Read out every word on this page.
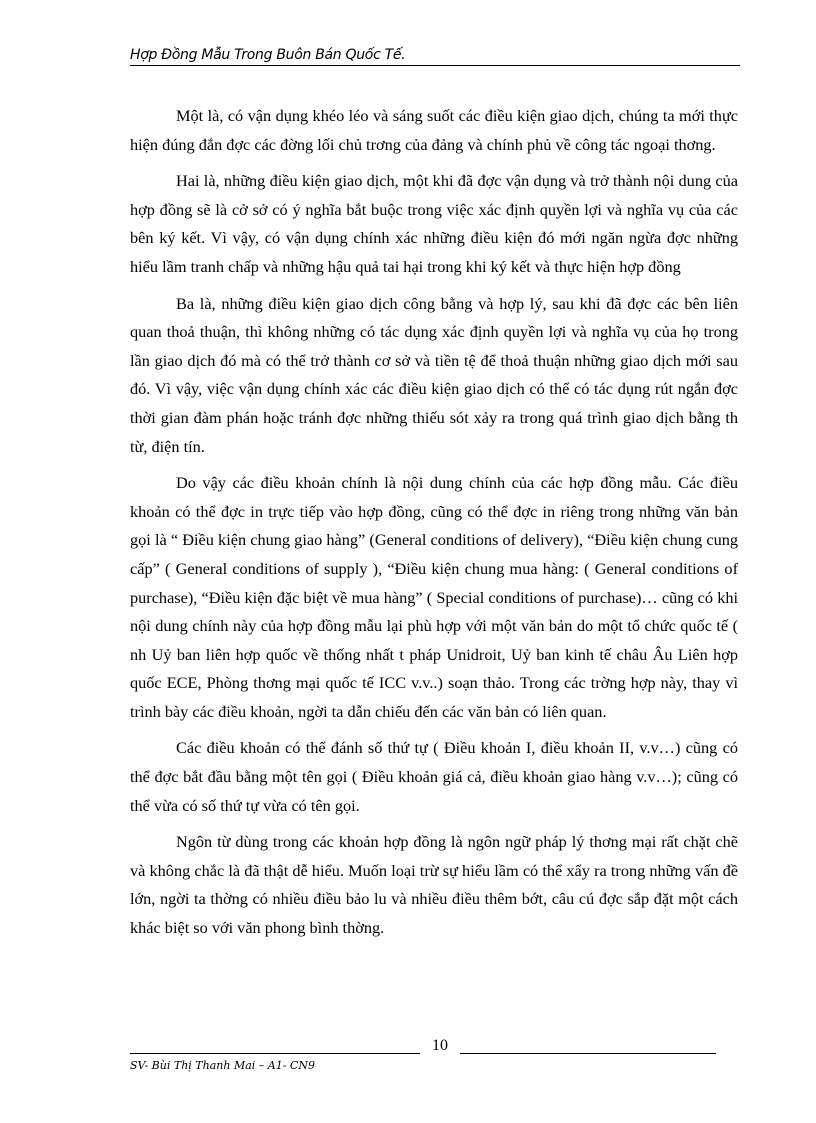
Hợp Đồng Mẫu Trong Buôn Bán Quốc Tế.

Một là, có vận dụng khéo léo và sáng suốt các điều kiện giao dịch, chúng ta mới thực hiện đúng đắn đợc các đờng lối chủ trơng của đảng và chính phủ về công tác ngoại thơng.

Hai là, những điều kiện giao dịch, một khi đã đợc vận dụng và trở thành nội dung của hợp đồng sẽ là cở sở có ý nghĩa bắt buộc trong việc xác định quyền lợi và nghĩa vụ của các bên ký kết. Vì vậy, có vận dụng chính xác những điều kiện đó mới ngăn ngừa đợc những hiểu lầm tranh chấp và những hậu quả tai hại trong khi ký kết và thực hiện hợp đồng

Ba là, những điều kiện giao dịch công bằng và hợp lý, sau khi đã đợc các bên liên quan thoả thuận, thì không những có tác dụng xác định quyền lợi và nghĩa vụ của họ trong lần giao dịch đó mà có thể trở thành cơ sở và tiền tệ để thoả thuận những giao dịch mới sau đó. Vì vậy, việc vận dụng chính xác các điều kiện giao dịch có thể có tác dụng rút ngắn đợc thời gian đàm phán hoặc tránh đợc những thiếu sót xảy ra trong quá trình giao dịch bằng th từ, điện tín.

Do vậy các điều khoản chính là nội dung chính của các hợp đồng mẫu. Các điều khoản có thể đợc in trực tiếp vào hợp đồng, cũng có thể đợc in riêng trong những văn bản gọi là “ Điều kiện chung giao hàng” (General conditions of delivery), “Điều kiện chung cung cấp” ( General conditions of supply ), “Điều kiện chung mua hàng: ( General conditions of purchase), “Điều kiện đặc biệt về mua hàng” ( Special conditions of purchase)… cũng có khi nội dung chính này của hợp đồng mẫu lại phù hợp với một văn bản do một tổ chức quốc tế ( nh Uỷ ban liên hợp quốc về thống nhất t pháp Unidroit, Uỷ ban kinh tế châu Âu Liên hợp quốc ECE, Phòng thơng mại quốc tế ICC v.v..) soạn thảo. Trong các trờng hợp này, thay vì trình bày các điều khoản, ngời ta dẫn chiếu đến các văn bản có liên quan.

Các điều khoản có thể đánh số thứ tự ( Điều khoản I, điều khoản II, v.v…) cũng có thể đợc bắt đầu bằng một tên gọi ( Điều khoản giá cả, điều khoản giao hàng v.v…); cũng có thể vừa có số thứ tự vừa có tên gọi.

Ngôn từ dùng trong các khoản hợp đồng là ngôn ngữ pháp lý thơng mại rất chặt chẽ và không chắc là đã thật dễ hiểu. Muốn loại trừ sự hiểu lầm có thể xẩy ra trong những vấn đề lớn, ngời ta thờng có nhiều điều bảo lu và nhiều điều thêm bớt, câu cú đợc sắp đặt một cách khác biệt so với văn phong bình thờng.

10
SV- Bùi Thị Thanh Mai – A1- CN9
